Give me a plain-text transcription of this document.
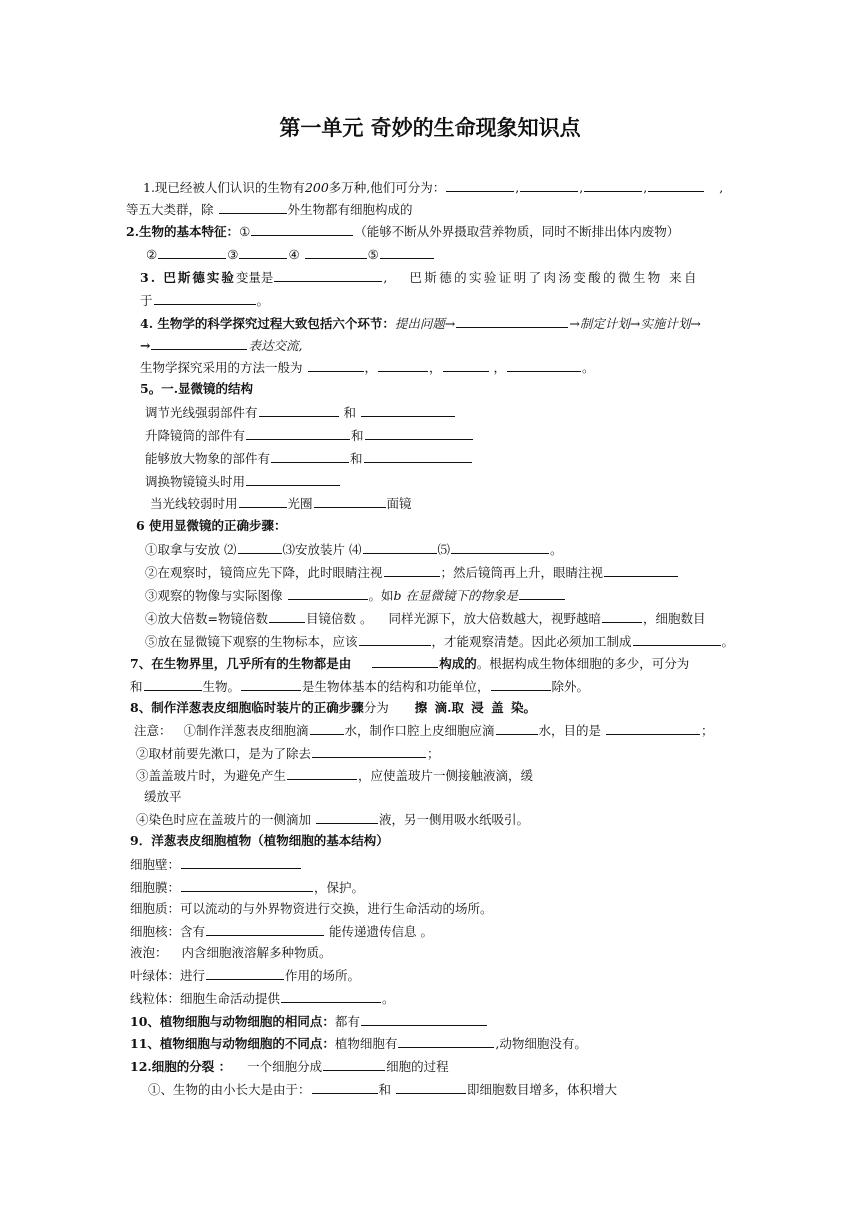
第一单元 奇妙的生命现象知识点
1.现已经被人们认识的生物有200多万种,他们可分为：	,	,	,	,
等五大类群，除	外生物都有细胞构成的
2.生物的基本特征：①	（能够不断从外界摄取营养物质，同时不断排出体内废物）
②	③	④	⑤
3. 巴斯德实验变量是	, 巴斯德的实验证明了肉汤变酸的微生物 来自
于	。
4. 生物学的科学探究过程大致包括六个环节：提出问题→	→制定计划→实施计划→
→	表达交流,
生物学探究采用的方法一般为	，	，	，	。
5。一.显微镜的结构
调节光线强弱部件有	和
升降镜筒的部件有	和
能够放大物象的部件有	和
调换物镜镜头时用
当光线较弱时用	光圈	面镜
6 使用显微镜的正确步骤：
①取拿与安放 ⑵	⑶安放装片 ⑷	⑸	。
②在观察时，镜筒应先下降，此时眼睛注视	；然后镜筒再上升，眼睛注视
③观察的物像与实际图像	。如b 在显微镜下的物象是
④放大倍数=物镜倍数	目镜倍数 。 同样光源下，放大倍数越大，视野越暗	，细胞数目
⑤放在显微镜下观察的生物标本，应该	，才能观察清楚。因此必须加工制成	。
7、在生物界里，几乎所有的生物都是由	构成的。根据构成生物体细胞的多少，可分为
和	生物。	是生物体基本的结构和功能单位，	除外。
8、制作洋葱表皮细胞临时装片的正确步骤分为 擦 滴.取 浸 盖 染。
注意： ①制作洋葱表皮细胞滴	水，制作口腔上皮细胞应滴	水，目的是	；
②取材前要先漱口，是为了除去	；
③盖盖玻片时，为避免产生	，应使盖玻片一侧接触液滴，缓
缓放平
④染色时应在盖玻片的一侧滴加	液，另一侧用吸水纸吸引。
9．洋葱表皮细胞植物（植物细胞的基本结构）
细胞壁：
细胞膜：	，保护。
细胞质：可以流动的与外界物资进行交换，进行生命活动的场所。
细胞核：含有	能传递遗传信息 。
液泡： 内含细胞液溶解多种物质。
叶绿体：进行	作用的场所。
线粒体：细胞生命活动提供	。
10、植物细胞与动物细胞的相同点：都有
11、植物细胞与动物细胞的不同点：植物细胞有	,动物细胞没有。
12.细胞的分裂 ： 一个细胞分成	细胞的过程
①、生物的由小长大是由于：	和	即细胞数目增多，体积增大
